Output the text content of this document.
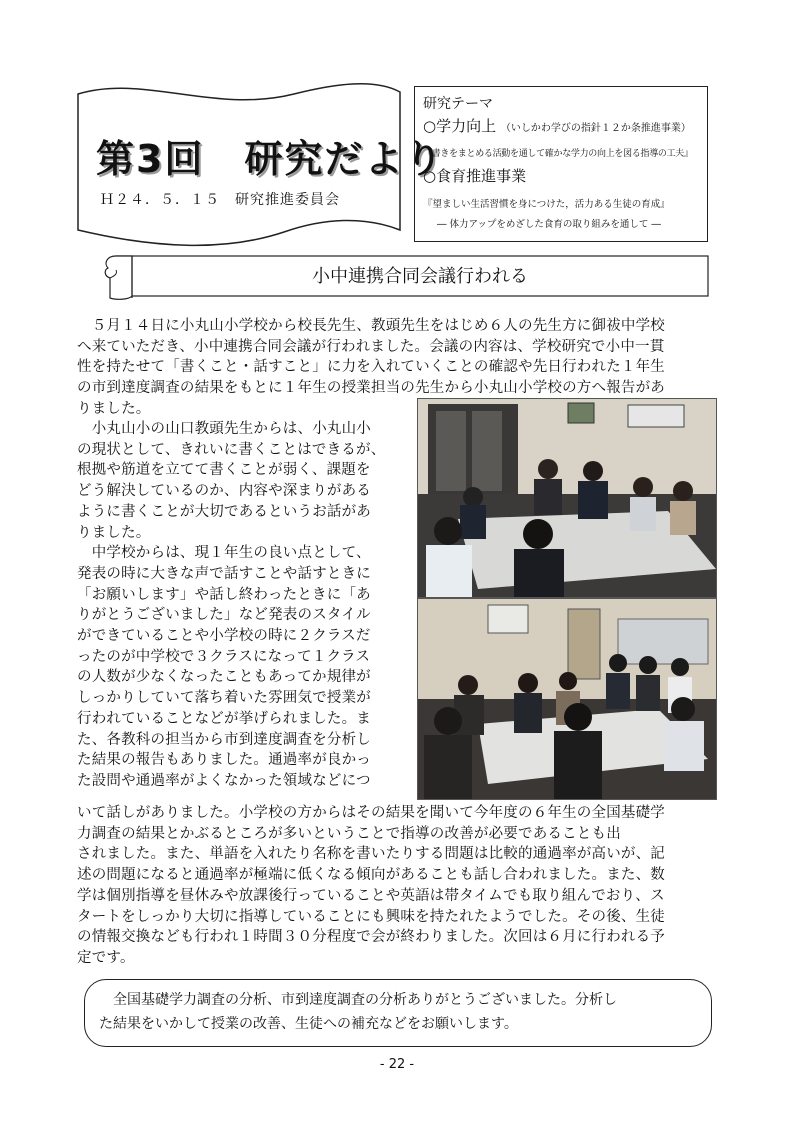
第3回　研究だより
Ｈ２４．５．１５　研究推進委員会
研究テーマ
○学力向上 （いしかわ学びの指針１２か条推進事業）
『書きをまとめる活動を通して確かな学力の向上を図る指導の工夫』
○食育推進事業
『望ましい生活習慣を身につけた，活力ある生徒の育成』
― 体力アップをめざした食育の取り組みを通して ―
小中連携合同会議行われる
　５月１４日に小丸山小学校から校長先生、教頭先生をはじめ６人の先生方に御祓中学校
へ来ていただき、小中連携合同会議が行われました。会議の内容は、学校研究で小中一貫
性を持たせて「書くこと・話すこと」に力を入れていくことの確認や先日行われた１年生
の市到達度調査の結果をもとに１年生の授業担当の先生から小丸山小学校の方へ報告があ
りました。
　小丸山小の山口教頭先生からは、小丸山小
の現状として、きれいに書くことはできるが、
根拠や筋道を立てて書くことが弱く、課題を
どう解決しているのか、内容や深まりがある
ように書くことが大切であるというお話があ
りました。
　中学校からは、現１年生の良い点として、
発表の時に大きな声で話すことや話すときに
「お願いします」や話し終わったときに「あ
りがとうございました」など発表のスタイル
ができていることや小学校の時に２クラスだ
ったのが中学校で３クラスになって１クラス
の人数が少なくなったこともあってか規律が
しっかりしていて落ち着いた雰囲気で授業が
行われていることなどが挙げられました。ま
た、各教科の担当から市到達度調査を分析し
た結果の報告もありました。通過率が良かっ
た設問や通過率がよくなかった領域などにつ
いて話しがありました。小学校の方からはその結果を聞いて今年度の６年生の全国基礎学
力調査の結果とかぶるところが多いということで指導の改善が必要であることも出
されました。また、単語を入れたり名称を書いたりする問題は比較的通過率が高いが、記
述の問題になると通過率が極端に低くなる傾向があることも話し合われました。また、数
学は個別指導を昼休みや放課後行っていることや英語は帯タイムでも取り組んでおり、ス
タートをしっかり大切に指導していることにも興味を持たれたようでした。その後、生徒
の情報交換なども行われ１時間３０分程度で会が終わりました。次回は６月に行われる予
定です。
　全国基礎学力調査の分析、市到達度調査の分析ありがとうございました。分析し
た結果をいかして授業の改善、生徒への補充などをお願いします。
- 22 -
